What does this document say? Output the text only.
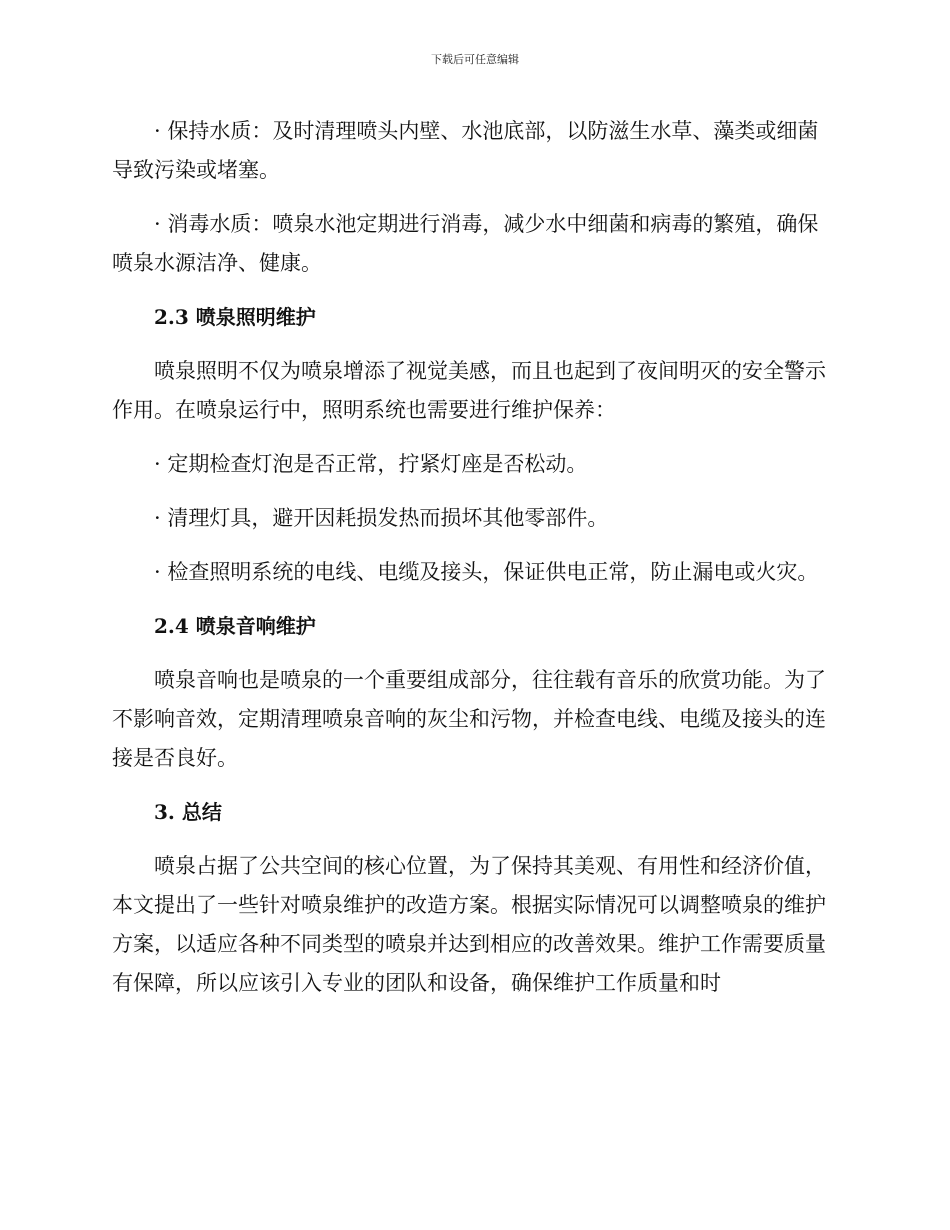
下载后可任意编辑

· 保持水质：及时清理喷头内壁、水池底部，以防滋生水草、藻类或细菌导致污染或堵塞。

· 消毒水质：喷泉水池定期进行消毒，减少水中细菌和病毒的繁殖，确保喷泉水源洁净、健康。

2.3 喷泉照明维护

喷泉照明不仅为喷泉增添了视觉美感，而且也起到了夜间明灭的安全警示作用。在喷泉运行中，照明系统也需要进行维护保养：

· 定期检查灯泡是否正常，拧紧灯座是否松动。

· 清理灯具，避开因耗损发热而损坏其他零部件。

· 检查照明系统的电线、电缆及接头，保证供电正常，防止漏电或火灾。

2.4 喷泉音响维护

喷泉音响也是喷泉的一个重要组成部分，往往载有音乐的欣赏功能。为了不影响音效，定期清理喷泉音响的灰尘和污物，并检查电线、电缆及接头的连接是否良好。

3. 总结

喷泉占据了公共空间的核心位置，为了保持其美观、有用性和经济价值，本文提出了一些针对喷泉维护的改造方案。根据实际情况可以调整喷泉的维护方案，以适应各种不同类型的喷泉并达到相应的改善效果。维护工作需要质量有保障，所以应该引入专业的团队和设备，确保维护工作质量和时
